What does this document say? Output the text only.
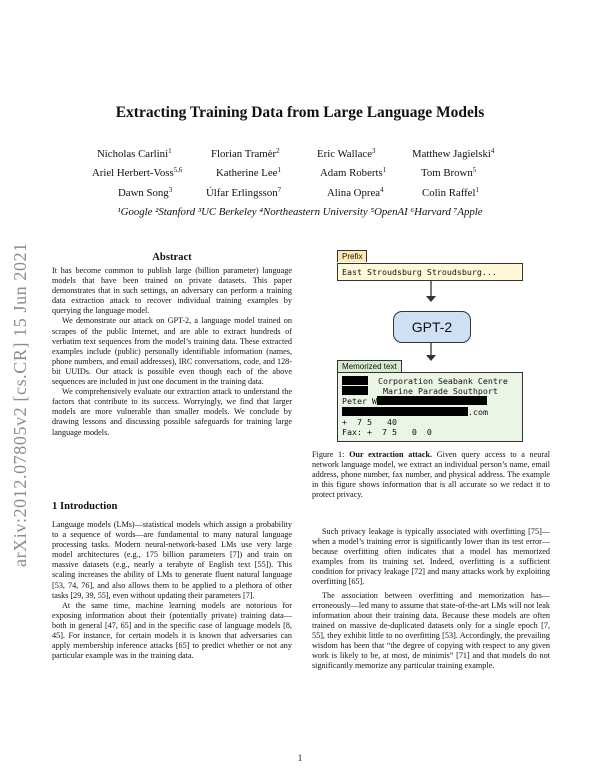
arXiv:2012.07805v2 [cs.CR] 15 Jun 2021
Extracting Training Data from Large Language Models
Nicholas Carlini$^1$	Florian Tramèr$^2$	Eric Wallace$^3$	Matthew Jagielski$^4$
Ariel Herbert-Voss$^{5,6}$	Katherine Lee$^1$	Adam Roberts$^1$	Tom Brown$^5$
Dawn Song$^3$	Úlfar Erlingsson$^7$	Alina Oprea$^4$	Colin Raffel$^1$
¹Google ²Stanford ³UC Berkeley ⁴Northeastern University ⁵OpenAI ⁶Harvard ⁷Apple
Abstract

It has become common to publish large (billion parameter) language models that have been trained on private datasets. This paper demonstrates that in such settings, an adversary can perform a training data extraction attack to recover individual training examples by querying the language model.

We demonstrate our attack on GPT-2, a language model trained on scrapes of the public Internet, and are able to extract hundreds of verbatim text sequences from the model’s training data. These extracted examples include (public) personally identifiable information (names, phone numbers, and email addresses), IRC conversations, code, and 128-bit UUIDs. Our attack is possible even though each of the above sequences are included in just one document in the training data.

We comprehensively evaluate our extraction attack to understand the factors that contribute to its success. Worryingly, we find that larger models are more vulnerable than smaller models. We conclude by drawing lessons and discussing possible safeguards for training large language models.

1 Introduction

Language models (LMs)—statistical models which assign a probability to a sequence of words—are fundamental to many natural language processing tasks. Modern neural-network-based LMs use very large model architectures (e.g., 175 billion parameters [7]) and train on massive datasets (e.g., nearly a terabyte of English text [55]). This scaling increases the ability of LMs to generate fluent natural language [53, 74, 76], and also allows them to be applied to a plethora of other tasks [29, 39, 55], even without updating their parameters [7].

At the same time, machine learning models are notorious for exposing information about their (potentially private) training data—both in general [47, 65] and in the specific case of language models [8, 45]. For instance, for certain models it is known that adversaries can apply membership inference attacks [65] to predict whether or not any particular example was in the training data.

Prefix
East Stroudsburg Stroudsburg...
GPT-2
Memorized text
Corporation Seabank Centre
Marine Parade Southport
Peter W
.com
+  7 5   40
Fax: +  7 5   0  0
Figure 1: Our extraction attack. Given query access to a neural network language model, we extract an individual person’s name, email address, phone number, fax number, and physical address. The example in this figure shows information that is all accurate so we redact it to protect privacy.

Such privacy leakage is typically associated with overfitting [75]—when a model’s training error is significantly lower than its test error—because overfitting often indicates that a model has memorized examples from its training set. Indeed, overfitting is a sufficient condition for privacy leakage [72] and many attacks work by exploiting overfitting [65].

The association between overfitting and memorization has—erroneously—led many to assume that state-of-the-art LMs will not leak information about their training data. Because these models are often trained on massive de-duplicated datasets only for a single epoch [7, 55], they exhibit little to no overfitting [53]. Accordingly, the prevailing wisdom has been that “the degree of copying with respect to any given work is likely to be, at most, de minimis” [71] and that models do not significantly memorize any particular training example.

1
